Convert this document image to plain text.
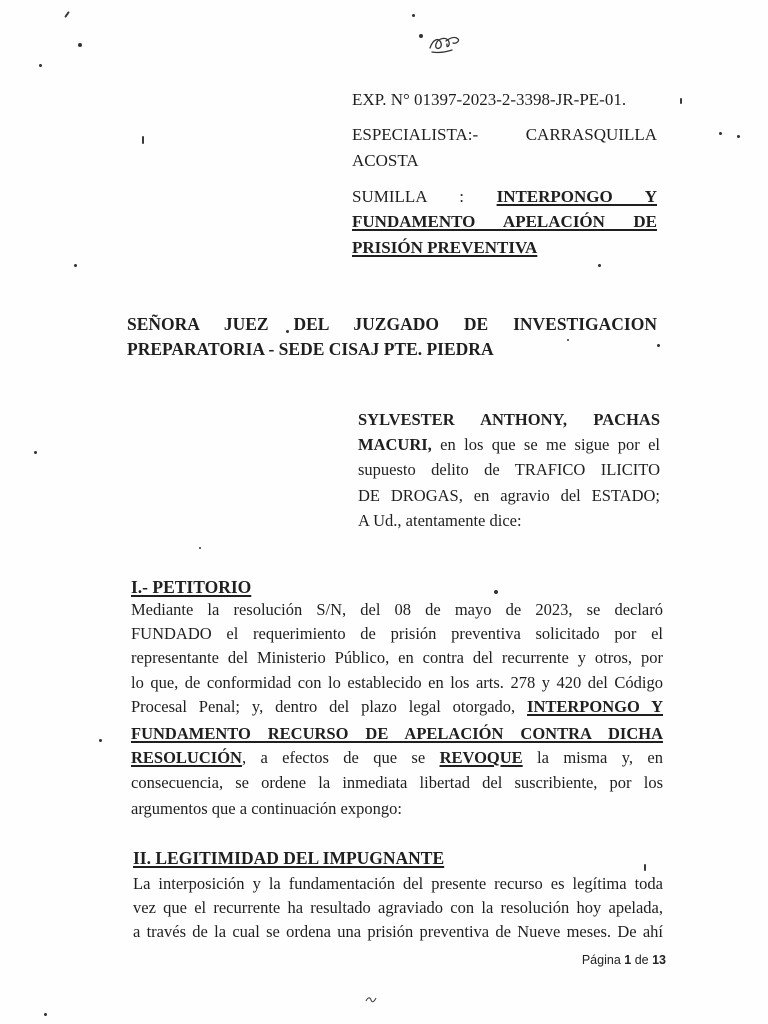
EXP. N° 01397-2023-2-3398-JR-PE-01.
ESPECIALISTA:-	CARRASQUILLA
ACOSTA
SUMILLA : INTERPONGO Y
FUNDAMENTO APELACIÓN DE
PRISIÓN PREVENTIVA
SEÑORA JUEZ DEL JUZGADO DE INVESTIGACION
PREPARATORIA - SEDE CISAJ PTE. PIEDRA
SYLVESTER ANTHONY, PACHAS
MACURI, en los que se me sigue por el
supuesto delito de TRAFICO ILICITO
DE DROGAS, en agravio del ESTADO;
A Ud., atentamente dice:
I.- PETITORIO
Mediante la resolución S/N, del 08 de mayo de 2023, se declaró
FUNDADO el requerimiento de prisión preventiva solicitado por el
representante del Ministerio Público, en contra del recurrente y otros, por
lo que, de conformidad con lo establecido en los arts. 278 y 420 del Código
Procesal Penal; y, dentro del plazo legal otorgado, INTERPONGO Y
FUNDAMENTO RECURSO DE APELACIÓN CONTRA DICHA
RESOLUCIÓN, a efectos de que se REVOQUE la misma y, en
consecuencia, se ordene la inmediata libertad del suscribiente, por los
argumentos que a continuación expongo:
II. LEGITIMIDAD DEL IMPUGNANTE
La interposición y la fundamentación del presente recurso es legítima toda
vez que el recurrente ha resultado agraviado con la resolución hoy apelada,
a través de la cual se ordena una prisión preventiva de Nueve meses. De ahí
Página 1 de 13
